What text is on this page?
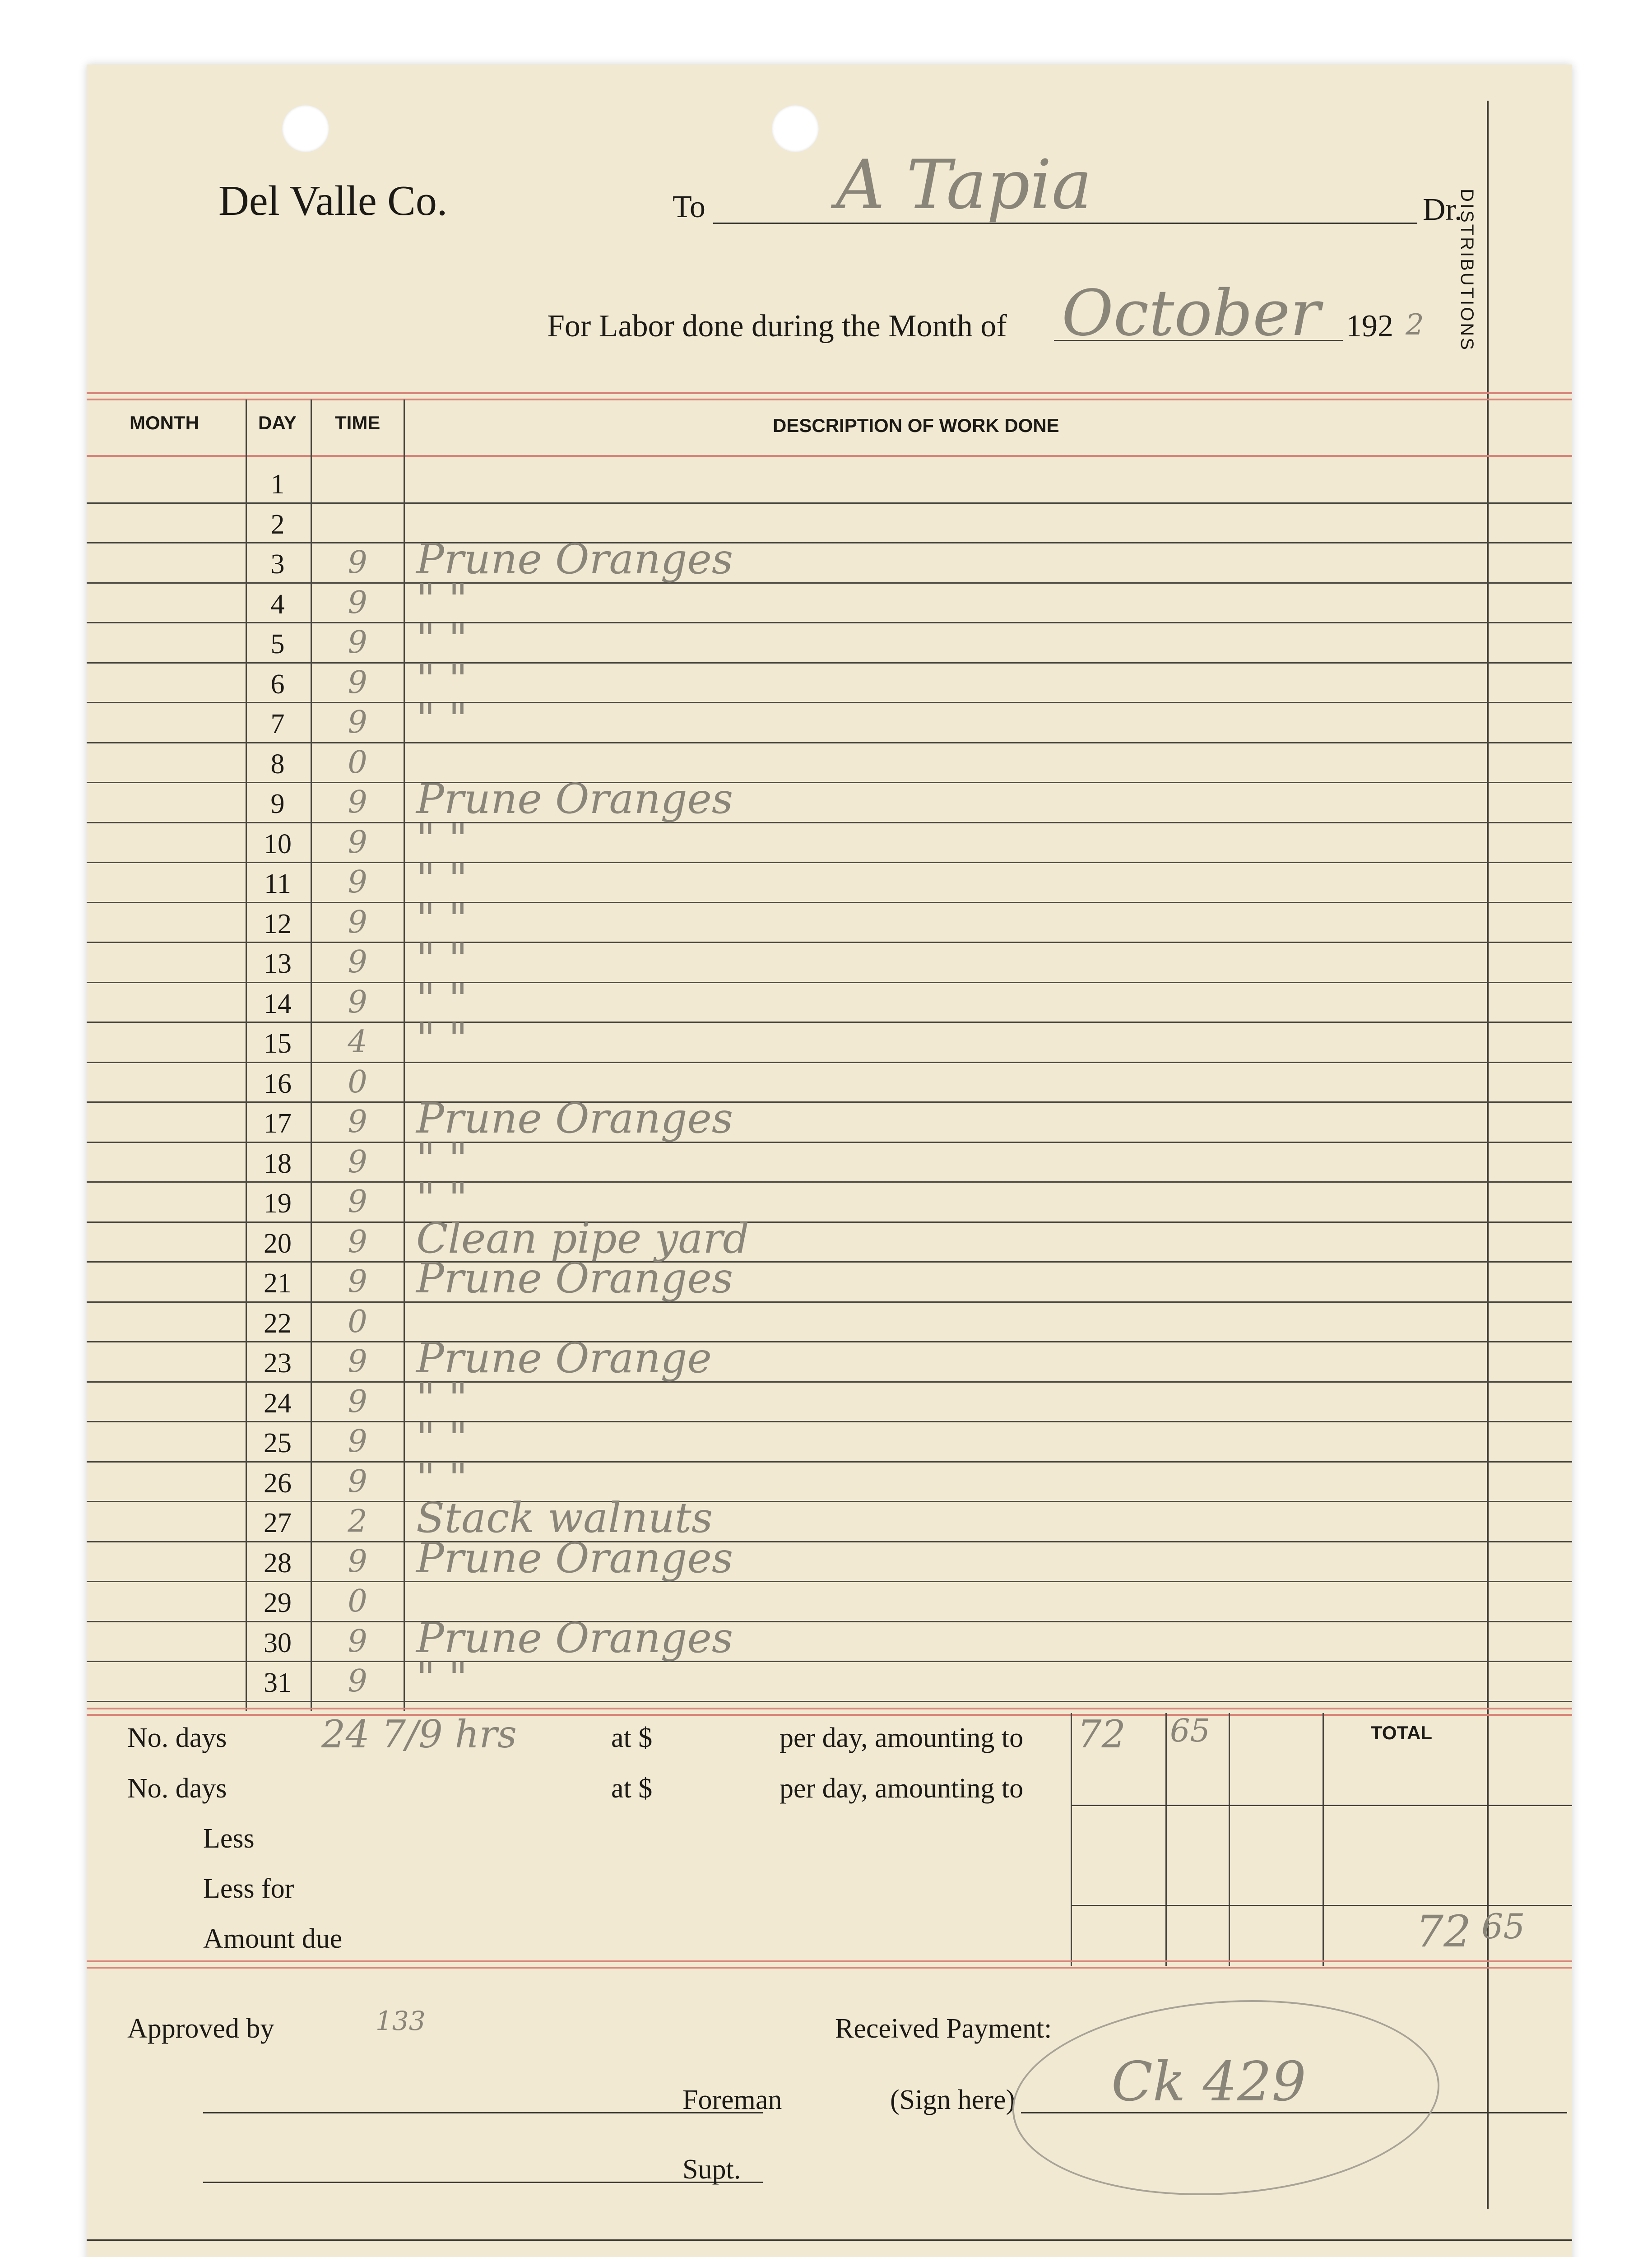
Del Valle Co.	To A Tapia	Dr.
For Labor done during the Month of October 192 2 DISTRIBUTIONS
MONTH	DAY TIME	DESCRIPTION OF WORK DONE
1
2
3	9	Prune Oranges
4	9	" "
5	9	" "
6	9	" "
7	9	" "
8	0
9	9	Prune Oranges
10	9	" "
11	9	" "
12	9	" "
13	9	" "
14	9	" "
15	4	" "
16	0
17	9	Prune Oranges
18	9	" "
19	9	" "
20	9	Clean pipe yard
21	9	Prune Oranges
22	0
23	9	Prune Orange
24	9	" "
25	9	" "
26	9	" "
27	2	Stack walnuts
28	9	Prune Oranges
29	0
30	9	Prune Oranges
31	9	" "
No. days 24 7/9 hrs	at $	per day, amounting to 72 65	TOTAL
No. days	at $	per day, amounting to
Less
Less for
Amount due	72 65
Approved by	133
Foreman
Supt.
Received Payment:
(Sign here) Ck 429
